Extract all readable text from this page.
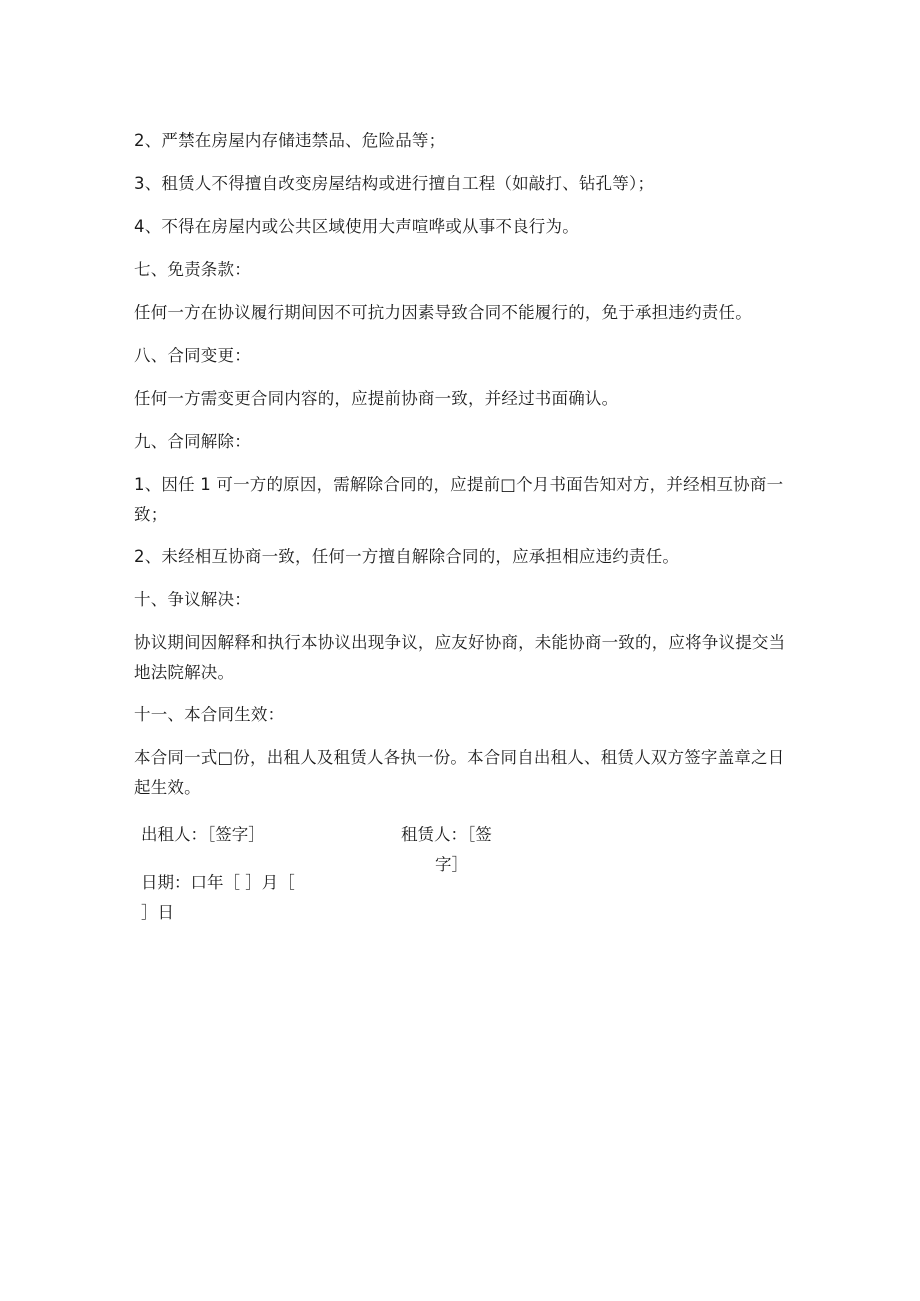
2、严禁在房屋内存储违禁品、危险品等；

3、租赁人不得擅自改变房屋结构或进行擅自工程（如敲打、钻孔等）；

4、不得在房屋内或公共区域使用大声喧哗或从事不良行为。

七、免责条款：

任何一方在协议履行期间因不可抗力因素导致合同不能履行的，免于承担违约责任。

八、合同变更：

任何一方需变更合同内容的，应提前协商一致，并经过书面确认。

九、合同解除：

1、因任 1 可一方的原因，需解除合同的，应提前□个月书面告知对方，并经相互协商一致；

2、未经相互协商一致，任何一方擅自解除合同的，应承担相应违约责任。

十、争议解决：

协议期间因解释和执行本协议出现争议，应友好协商，未能协商一致的，应将争议提交当地法院解决。

十一、本合同生效：

本合同一式□份，出租人及租赁人各执一份。本合同自出租人、租赁人双方签字盖章之日起生效。

出租人：［签字］	租赁人：［签
字］
日期：口年［ ］月［
］日
